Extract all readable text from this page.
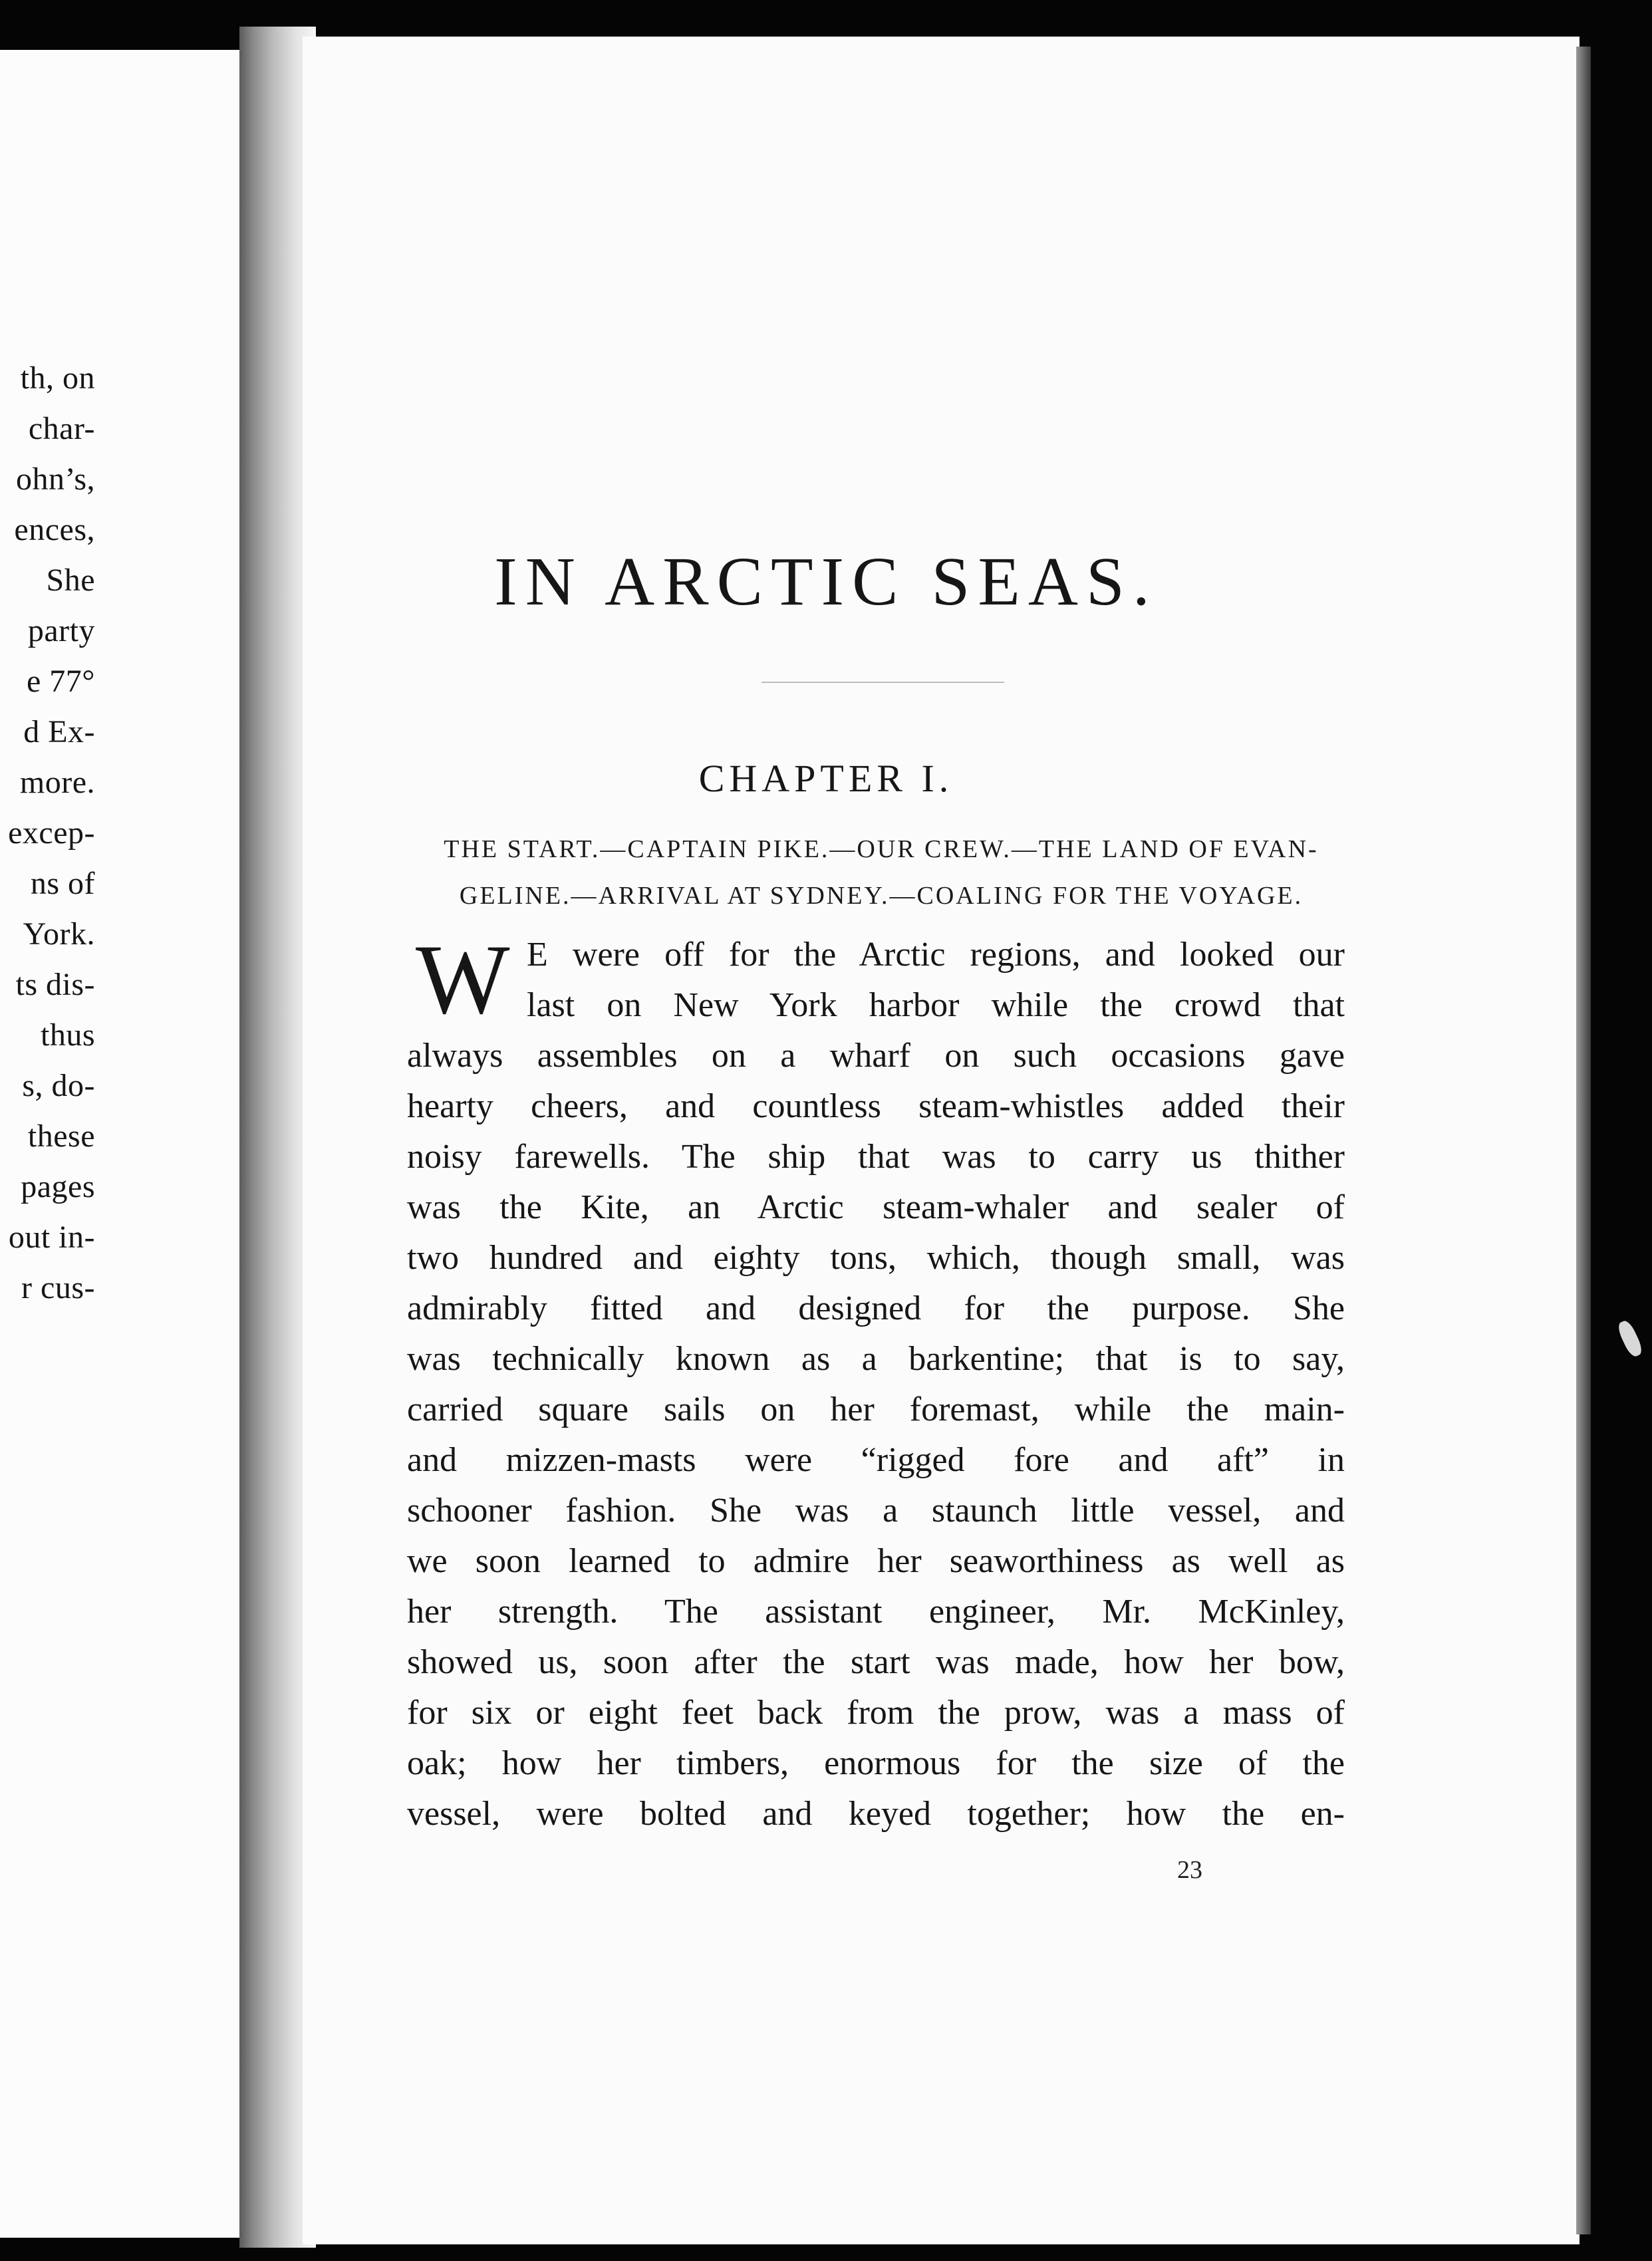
th, on
char-
ohn’s,
ences,
She
party
e 77°
d Ex-
more.
excep-
ns of
York.
ts dis-
thus
s, do-
these
pages
out in-
r cus-
IN ARCTIC SEAS.
CHAPTER I.
THE START.—CAPTAIN PIKE.—OUR CREW.—THE LAND OF EVAN-
GELINE.—ARRIVAL AT SYDNEY.—COALING FOR THE VOYAGE.
W E were off for the Arctic regions, and looked our
last on New York harbor while the crowd that
always assembles on a wharf on such occasions gave
hearty cheers, and countless steam-whistles added their
noisy farewells. The ship that was to carry us thither
was the Kite, an Arctic steam-whaler and sealer of
two hundred and eighty tons, which, though small, was
admirably fitted and designed for the purpose. She
was technically known as a barkentine; that is to say,
carried square sails on her foremast, while the main-
and mizzen-masts were “rigged fore and aft” in
schooner fashion. She was a staunch little vessel, and
we soon learned to admire her seaworthiness as well as
her strength. The assistant engineer, Mr. McKinley,
showed us, soon after the start was made, how her bow,
for six or eight feet back from the prow, was a mass of
oak; how her timbers, enormous for the size of the
vessel, were bolted and keyed together; how the en-
23
